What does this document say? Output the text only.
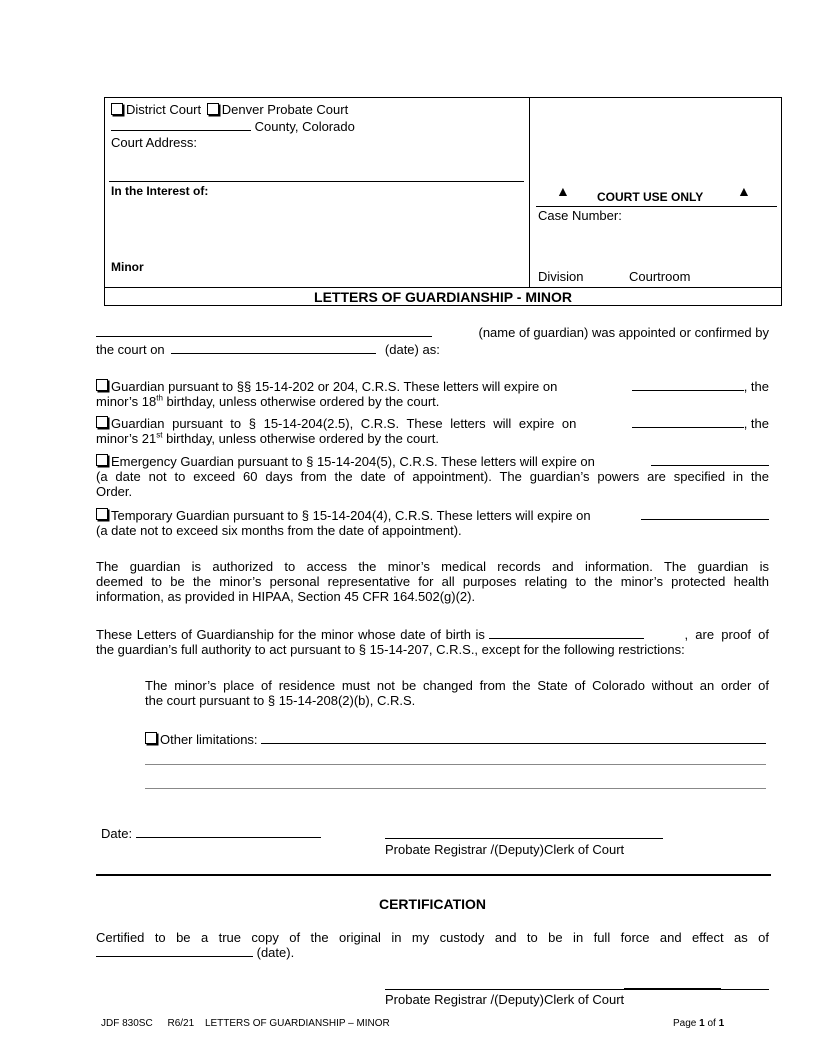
District Court Denver Probate Court
County, Colorado
Court Address:
In the Interest of:
Minor
▲ COURT USE ONLY ▲
Case Number:
Division	Courtroom
LETTERS OF GUARDIANSHIP - MINOR
(name of guardian) was appointed or confirmed by
the court on	(date) as:
Guardian pursuant to §§ 15-14-202 or 204, C.R.S. These letters will expire on	, the
minor’s 18th birthday, unless otherwise ordered by the court.
Guardian pursuant to § 15-14-204(2.5), C.R.S. These letters will expire on	, the
minor’s 21st birthday, unless otherwise ordered by the court.
Emergency Guardian pursuant to § 15-14-204(5), C.R.S. These letters will expire on
(a date not to exceed 60 days from the date of appointment). The guardian’s powers are specified in the
Order.
Temporary Guardian pursuant to § 15-14-204(4), C.R.S. These letters will expire on
(a date not to exceed six months from the date of appointment).
The guardian is authorized to access the minor’s medical records and information. The guardian is
deemed to be the minor’s personal representative for all purposes relating to the minor’s protected health
information, as provided in HIPAA, Section 45 CFR 164.502(g)(2).
These Letters of Guardianship for the minor whose date of birth is	,  are  proof  of
the guardian’s full authority to act pursuant to § 15-14-207, C.R.S., except for the following restrictions:
The minor’s place of residence must not be changed from the State of Colorado without an order of
the court pursuant to § 15-14-208(2)(b), C.R.S.
Other limitations:
Date:
Probate Registrar /(Deputy)Clerk of Court
CERTIFICATION
Certified to be a true copy of the original in my custody and to be in full force and effect as of
(date).
Probate Registrar /(Deputy)Clerk of Court
JDF 830SC R6/21 LETTERS OF GUARDIANSHIP – MINOR	Page 1 of 1
